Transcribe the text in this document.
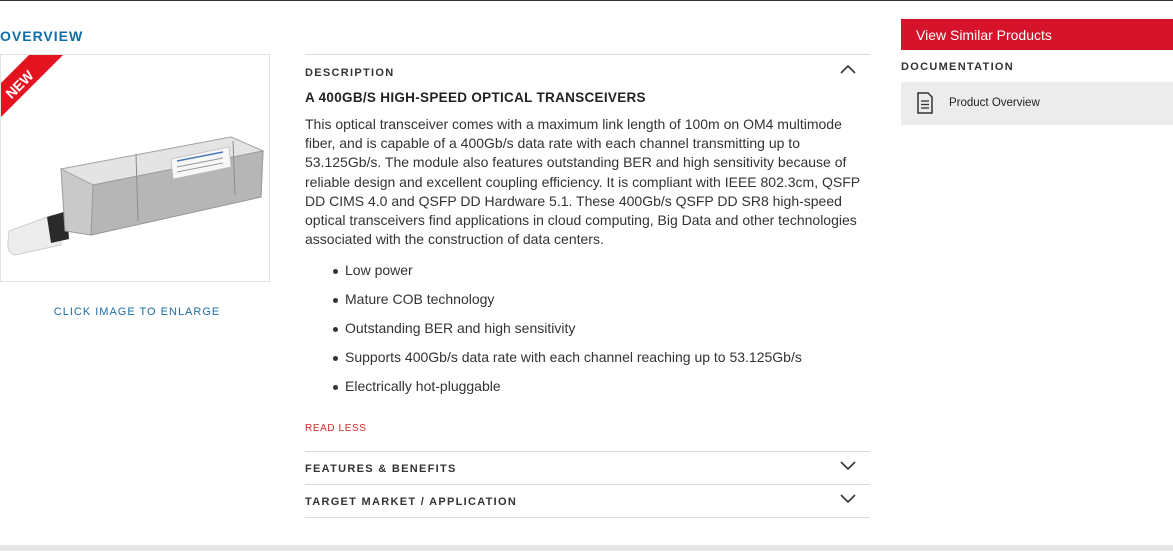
OVERVIEW
NEW
CLICK IMAGE TO ENLARGE
DESCRIPTION
A 400GB/S HIGH-SPEED OPTICAL TRANSCEIVERS

This optical transceiver comes with a maximum link length of 100m on OM4 multimode fiber, and is capable of a 400Gb/s data rate with each channel transmitting up to 53.125Gb/s. The module also features outstanding BER and high sensitivity because of reliable design and excellent coupling efficiency. It is compliant with IEEE 802.3cm, QSFP DD CIMS 4.0 and QSFP DD Hardware 5.1. These 400Gb/s QSFP DD SR8 high-speed optical transceivers find applications in cloud computing, Big Data and other technologies associated with the construction of data centers.

Low power
Mature COB technology
Outstanding BER and high sensitivity
Supports 400Gb/s data rate with each channel reaching up to 53.125Gb/s
Electrically hot-pluggable
READ LESS
FEATURES & BENEFITS
TARGET MARKET / APPLICATION
View Similar Products
DOCUMENTATION
Product Overview
